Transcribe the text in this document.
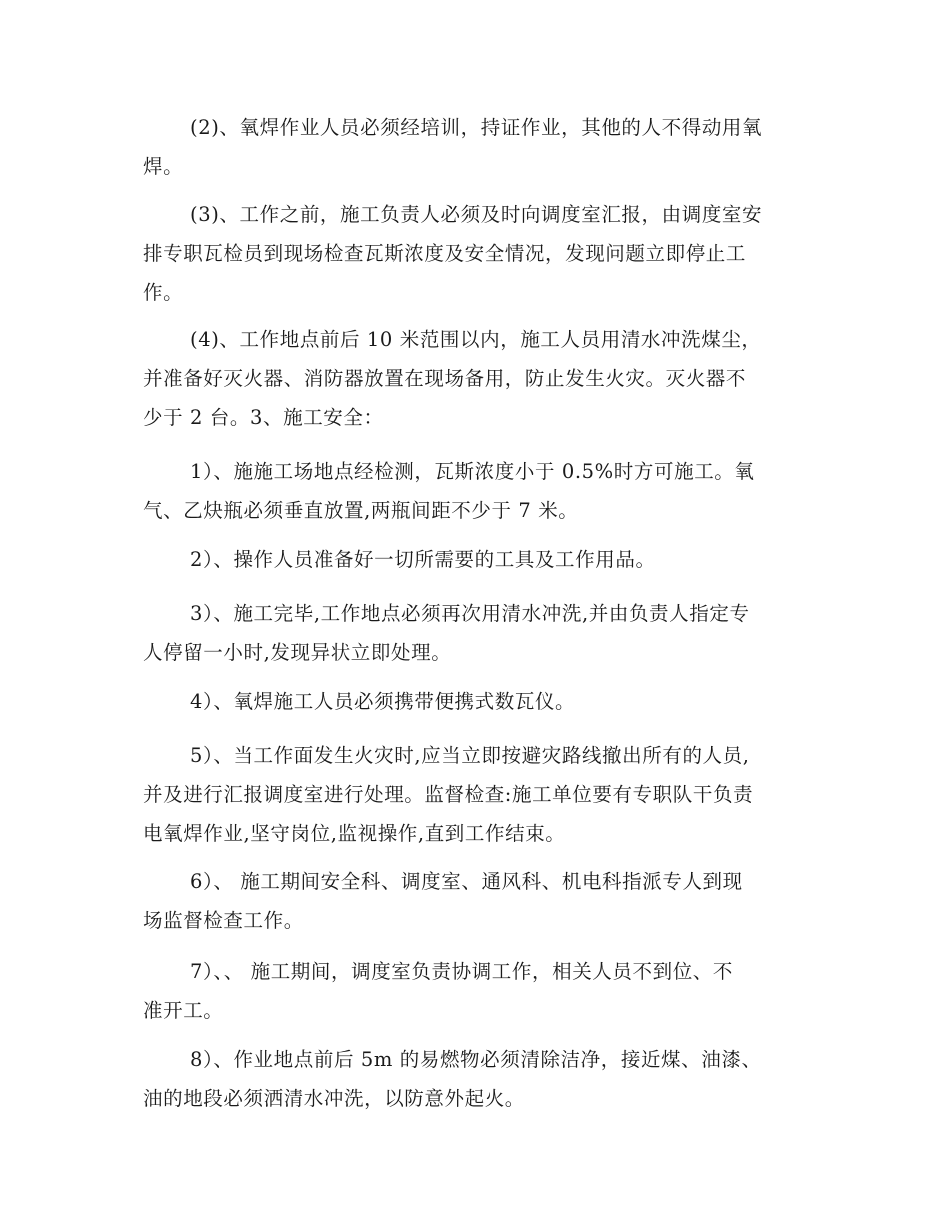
(2)、氧焊作业人员必须经培训，持证作业，其他的人不得动用氧
焊。

(3)、工作之前，施工负责人必须及时向调度室汇报，由调度室安
排专职瓦检员到现场检查瓦斯浓度及安全情况，发现问题立即停止工
作。

(4)、工作地点前后 10 米范围以内，施工人员用清水冲洗煤尘，
并准备好灭火器、消防器放置在现场备用，防止发生火灾。灭火器不
少于 2 台。3、施工安全：

1）、施施工场地点经检测，瓦斯浓度小于 0.5%时方可施工。氧
气、乙炔瓶必须垂直放置,两瓶间距不少于 7 米。

2）、操作人员准备好一切所需要的工具及工作用品。

3）、施工完毕,工作地点必须再次用清水冲洗,并由负责人指定专
人停留一小时,发现异状立即处理。

4）、氧焊施工人员必须携带便携式数瓦仪。

5）、当工作面发生火灾时,应当立即按避灾路线撤出所有的人员,
并及进行汇报调度室进行处理。监督检查:施工单位要有专职队干负责
电氧焊作业,坚守岗位,监视操作,直到工作结束。

6）、 施工期间安全科、调度室、通风科、机电科指派专人到现
场监督检查工作。

7）、、 施工期间，调度室负责协调工作，相关人员不到位、不
准开工。

8）、作业地点前后 5m 的易燃物必须清除洁净，接近煤、油漆、
油的地段必须洒清水冲洗，以防意外起火。
